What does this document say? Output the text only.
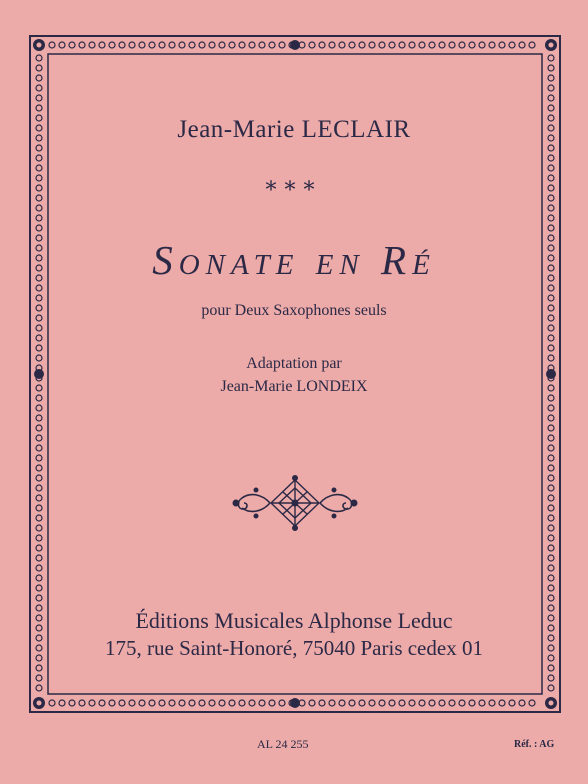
Jean-Marie LECLAIR
⁎⁎⁎
Sonate en Ré
pour Deux Saxophones seuls
Adaptation par
Jean-Marie LONDEIX
Éditions Musicales Alphonse Leduc
175, rue Saint-Honoré, 75040 Paris cedex 01
AL 24 255	Réf. : AG
